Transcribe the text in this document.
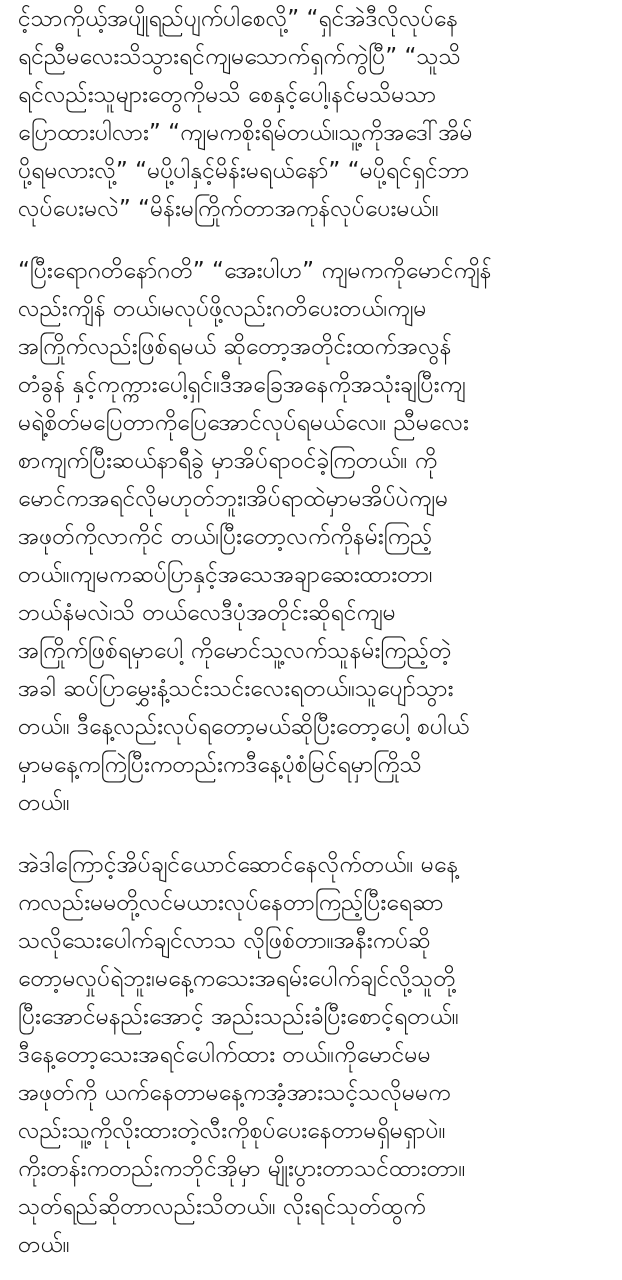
င့်သာကိုယ့်အပျိုရည်ပျက်ပါစေလို့” “ရှင်အဲဒီလိုလုပ်နေ
ရင်ညီမလေးသိသွားရင်ကျမသောက်ရှက်ကွဲပြီ” “သူသိ
ရင်လည်းသူများတွေကိုမသိ စေနှင့်ပေါ့၊နင်မသိမသာ
ပြောထားပါလား” “ကျမကစိုးရိမ်တယ်။သူ့ကိုအဒေါ်အိမ်
ပို့ရမလားလို့” “မပို့ပါနှင့်မိန်းမရယ်နော်” “မပို့ရင်ရှင်ဘာ
လုပ်ပေးမလဲ” “မိန်းမကြိုက်တာအကုန်လုပ်ပေးမယ်။
“ပြီးရောဂတိနော်ဂတိ” “အေးပါဟ” ကျမကကိုမောင်ကျိန်
လည်းကျိန် တယ်၊မလုပ်ဖို့လည်းဂတိပေးတယ်၊ကျမ
အကြိုက်လည်းဖြစ်ရမယ် ဆိုတော့အတိုင်းထက်အလွန်
တံခွန် နှင့်ကုက္ကားပေါ့ရှင်။ဒီအခြေအနေကိုအသုံးချပြီးကျ
မရဲ့စိတ်မပြေတာကိုပြေအောင်လုပ်ရမယ်လေ။ ညီမလေး
စာကျက်ပြီးဆယ်နာရီခွဲ မှာအိပ်ရာဝင်ခဲ့ကြတယ်။ ကို
မောင်ကအရင်လိုမဟုတ်ဘူး၊အိပ်ရာထဲမှာမအိပ်ပဲကျမ
အဖုတ်ကိုလာကိုင် တယ်၊ပြီးတော့လက်ကိုနမ်းကြည့်
တယ်။ကျမကဆပ်ပြာနှင့်အသေအချာဆေးထားတာ၊
ဘယ်နံမလဲ၊သိ တယ်လေဒီပုံအတိုင်းဆိုရင်ကျမ
အကြိုက်ဖြစ်ရမှာပေါ့ ကိုမောင်သူ့လက်သူနမ်းကြည့်တဲ့
အခါ ဆပ်ပြာမွှေးနံ့သင်းသင်းလေးရတယ်။သူပျော်သွား
တယ်။ ဒီနေ့လည်းလုပ်ရတော့မယ်ဆိုပြီးတော့ပေါ့ စပါယ်
မှာမနေ့ကကြဲပြီးကတည်းကဒီနေ့ပုံစံမြင်ရမှာကြိုသိ
တယ်။
အဲဒါကြောင့်အိပ်ချင်ယောင်ဆောင်နေလိုက်တယ်။ မနေ့
ကလည်းမမတို့လင်မယားလုပ်နေတာကြည့်ပြီးရေဆာ
သလိုသေးပေါက်ချင်လာသ လိုဖြစ်တာ။အနီးကပ်ဆို
တော့မလှုပ်ရဲဘူး၊မနေ့ကသေးအရမ်းပေါက်ချင်လို့သူတို့
ပြီးအောင်မနည်းအောင့် အည်းသည်းခံပြီးစောင့်ရတယ်။
ဒီနေ့တော့သေးအရင်ပေါက်ထား တယ်။ကိုမောင်မမ
အဖုတ်ကို ယက်နေတာမနေ့ကအံ့အားသင့်သလိုမမက
လည်းသူ့ကိုလိုးထားတဲ့လီးကိုစုပ်ပေးနေတာမရှိမရှာပဲ။
ကိုးတန်းကတည်းကဘိုင်အိုမှာ မျိုးပွားတာသင်ထားတာ။
သုတ်ရည်ဆိုတာလည်းသိတယ်။ လိုးရင်သုတ်ထွက်
တယ်။
